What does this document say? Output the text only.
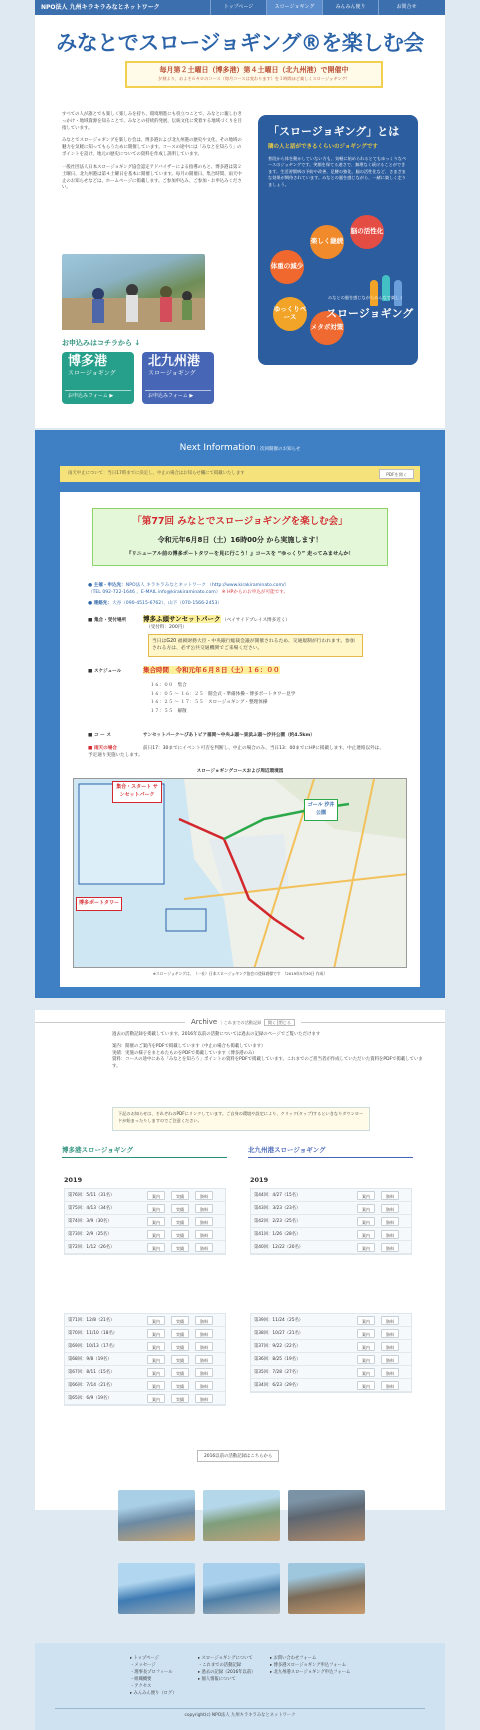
NPO法人 九州キラキラみなとネットワーク	トップページ	スロージョギング	みんみん便り	お問合せ
みなとでスロージョギング®を楽しむ会
毎月第２土曜日（博多港）第４土曜日（北九州港）で開催中
夕刻より、およそ６キロのコース（毎月コースは変わります）を１時間ほど楽しくスロージョギング！

すべての人が誰とでも楽しく楽しみを持ち、環境増進にも役立つことで、みなとに親しむきっかけ・地域資源を知ることで、みなとの持続的発展、伝統文化に愛着する地域づくりを目指しています。

みなとでスロージョギングを楽しむ会は、博多港および北九州港の歴史や文化、その地域の魅力を気軽に知ってもらうために開催しています。コースの途中には「みなとを知ろう」のポイントを設け、地元の歴史についての資料を作成し説明しています。

一般社団法人日本スロージョギング協会認定アドバイザーによる指導のもと、博多港は第２土曜日、北九州港は第４土曜日を基本に開催しています。毎月の開催日、集合時間、雨天中止のお知らせなどは、ホームページに掲載します。ご参加申込み、ご参加・お申込みください。

お申込みはコチラから ↓
博多港
スロージョギング
お申込みフォーム ▶
北九州港
スロージョギング
お申込みフォーム ▶
「スロージョギング」とは
隣の人と話ができるくらいのジョギングです
普段から体を動かしていない方も、気軽に始められるとてもゆっくりなペースのジョギングです。笑顔を保てる速さで、無理なく続けることができます。生活習慣病の予防や改善、足腰の強化、脳の活性化など、さまざまな効果が期待されています。みなとの風を感じながら、一緒に楽しく走りましょう。
楽しく継続
脳の活性化
体重の減少
ゆっくりペース
メタボ対策
みなとの風を感じながらみんなで楽しく
スロージョギング
Next Information｜次回開催のお知らせ
雨天中止について：当日17時までに決定し、中止の場合はお知らせ欄にて掲載いたします	PDFを開く
「第77回 みなとでスロージョギングを楽しむ会」
令和元年6月8日（土）16時00分 から実施します！
『リニューアル前の博多ポートタワーを見に行こう！』コースを “ゆっくり” 走ってみませんか！
● 主催・申込先：NPO法人 キラキラみなとネットワーク （http://www.kirakiraminato.com/）
（TEL 092-722-1646 、E-MAIL info@kirakiraminato.com） ※ HPからのお申込が可能です。
● 連絡先：大谷（090-4515-6762）、山下（070-1566-2453）
■ 集合・受付場所	博多ふ頭サンセットパーク （ベイサイドプレイス博多近く）
（受付料：200円）
当日はG20 福岡財務大臣・中央銀行総裁会議が開催されるため、交通規制が行われます。参加される方は、必ず公共交通機関でご来場ください。
■ スケジュール	集合時間　令和元年６月８日（土）１６：００
１６：００　集合
１６：０５ ～ １６：２５　開会式・準備体操・博多ポートタワー見学
１６：２５ ～ １７：５５　スロージョギング・整理体操
１７：５５　解散
■ コ ー ス	サンセットパーク～ぴあトピア福岡～中央ふ頭～東浜ふ頭～汐井公園（約4.5km）
■ 雨天の場合	前日17：30までにイベント可否を判断し、中止の場合のみ、当日13：00までにHPに掲載します。中止連絡以外は、予定通り実施いたします。
スロージョギングコースおよび周辺環境図
集合・スタート サンセットパーク
ゴール 汐井公園
博多ポートタワー
※スロージョギングは、（一社）日本スロージョギング協会の登録商標です　（2019年5月30日 作成）
Archive ｜これまでの活動記録 開く│閉じる

過去の活動記録を掲載しています。2016年以前の活動については過去の記録のページでご覧いただけます

案内：開催のご案内をPDFで掲載しています（中止の場合も掲載しています）

実績：実施の様子をまとめたものをPDFで掲載しています（博多港のみ）

資料：コースの途中にある「みなとを知ろう」ポイントの資料をPDFで掲載しています。これまでのご担当者が作成していただいた資料をPDFで掲載しています。

下記のお知らせは、それぞれのPDFにリンクしています。ご自身の環境や設定により、クリック(タップ)するといきなりダウンロードが始まったりしますのでご注意ください。
博多港スロージョギング	北九州港スロージョギング
2019	2019
第76回：5/11（31名）	案内	実績	資料
第75回：4/13（34名）	案内	実績	資料
第74回：3/9（30名）	案内	実績	資料
第73回：2/9（25名）	案内	実績	資料
第72回：1/12（26名）	案内	実績	資料
第44回：4/27（15名）	案内	資料
第43回：3/23（23名）	案内	資料
第42回：2/23（25名）	案内	資料
第41回：1/26（28名）	案内	資料
第40回：12/22（20名）	案内	資料
第71回：12/8（21名）	案内	実績	資料
第70回：11/10（18名）	案内	実績	資料
第69回：10/13（17名）	案内	実績	資料
第68回：9/8（19名）	案内	実績	資料
第67回：8/11（15名）	案内	実績	資料
第66回：7/14（21名）	案内	実績	資料
第65回：6/9（19名）	案内	実績	資料
第39回：11/24（25名）	案内	資料
第38回：10/27（21名）	案内	資料
第37回：9/22（22名）	案内	資料
第36回：8/25（19名）	案内	資料
第35回：7/28（27名）	案内	資料
第34回：6/23（29名）	案内	資料
2016以前の活動記録はこちらから
▸ トップページ
・メッセージ
・理事長プロフィール
・組織概要
・アクセス
▸ みんみん便り（ログ）
▸ スロージョギングについて
・これまでの活動記録
▸ 過去の記録（2016年以前）
▸ 個人情報について
▸ お問い合わせフォーム
▸ 博多港スロージョギング申込フォーム
▸ 北九州港スロージョギング申込フォーム
copyright(c) NPO法人 九州キラキラみなとネットワーク
